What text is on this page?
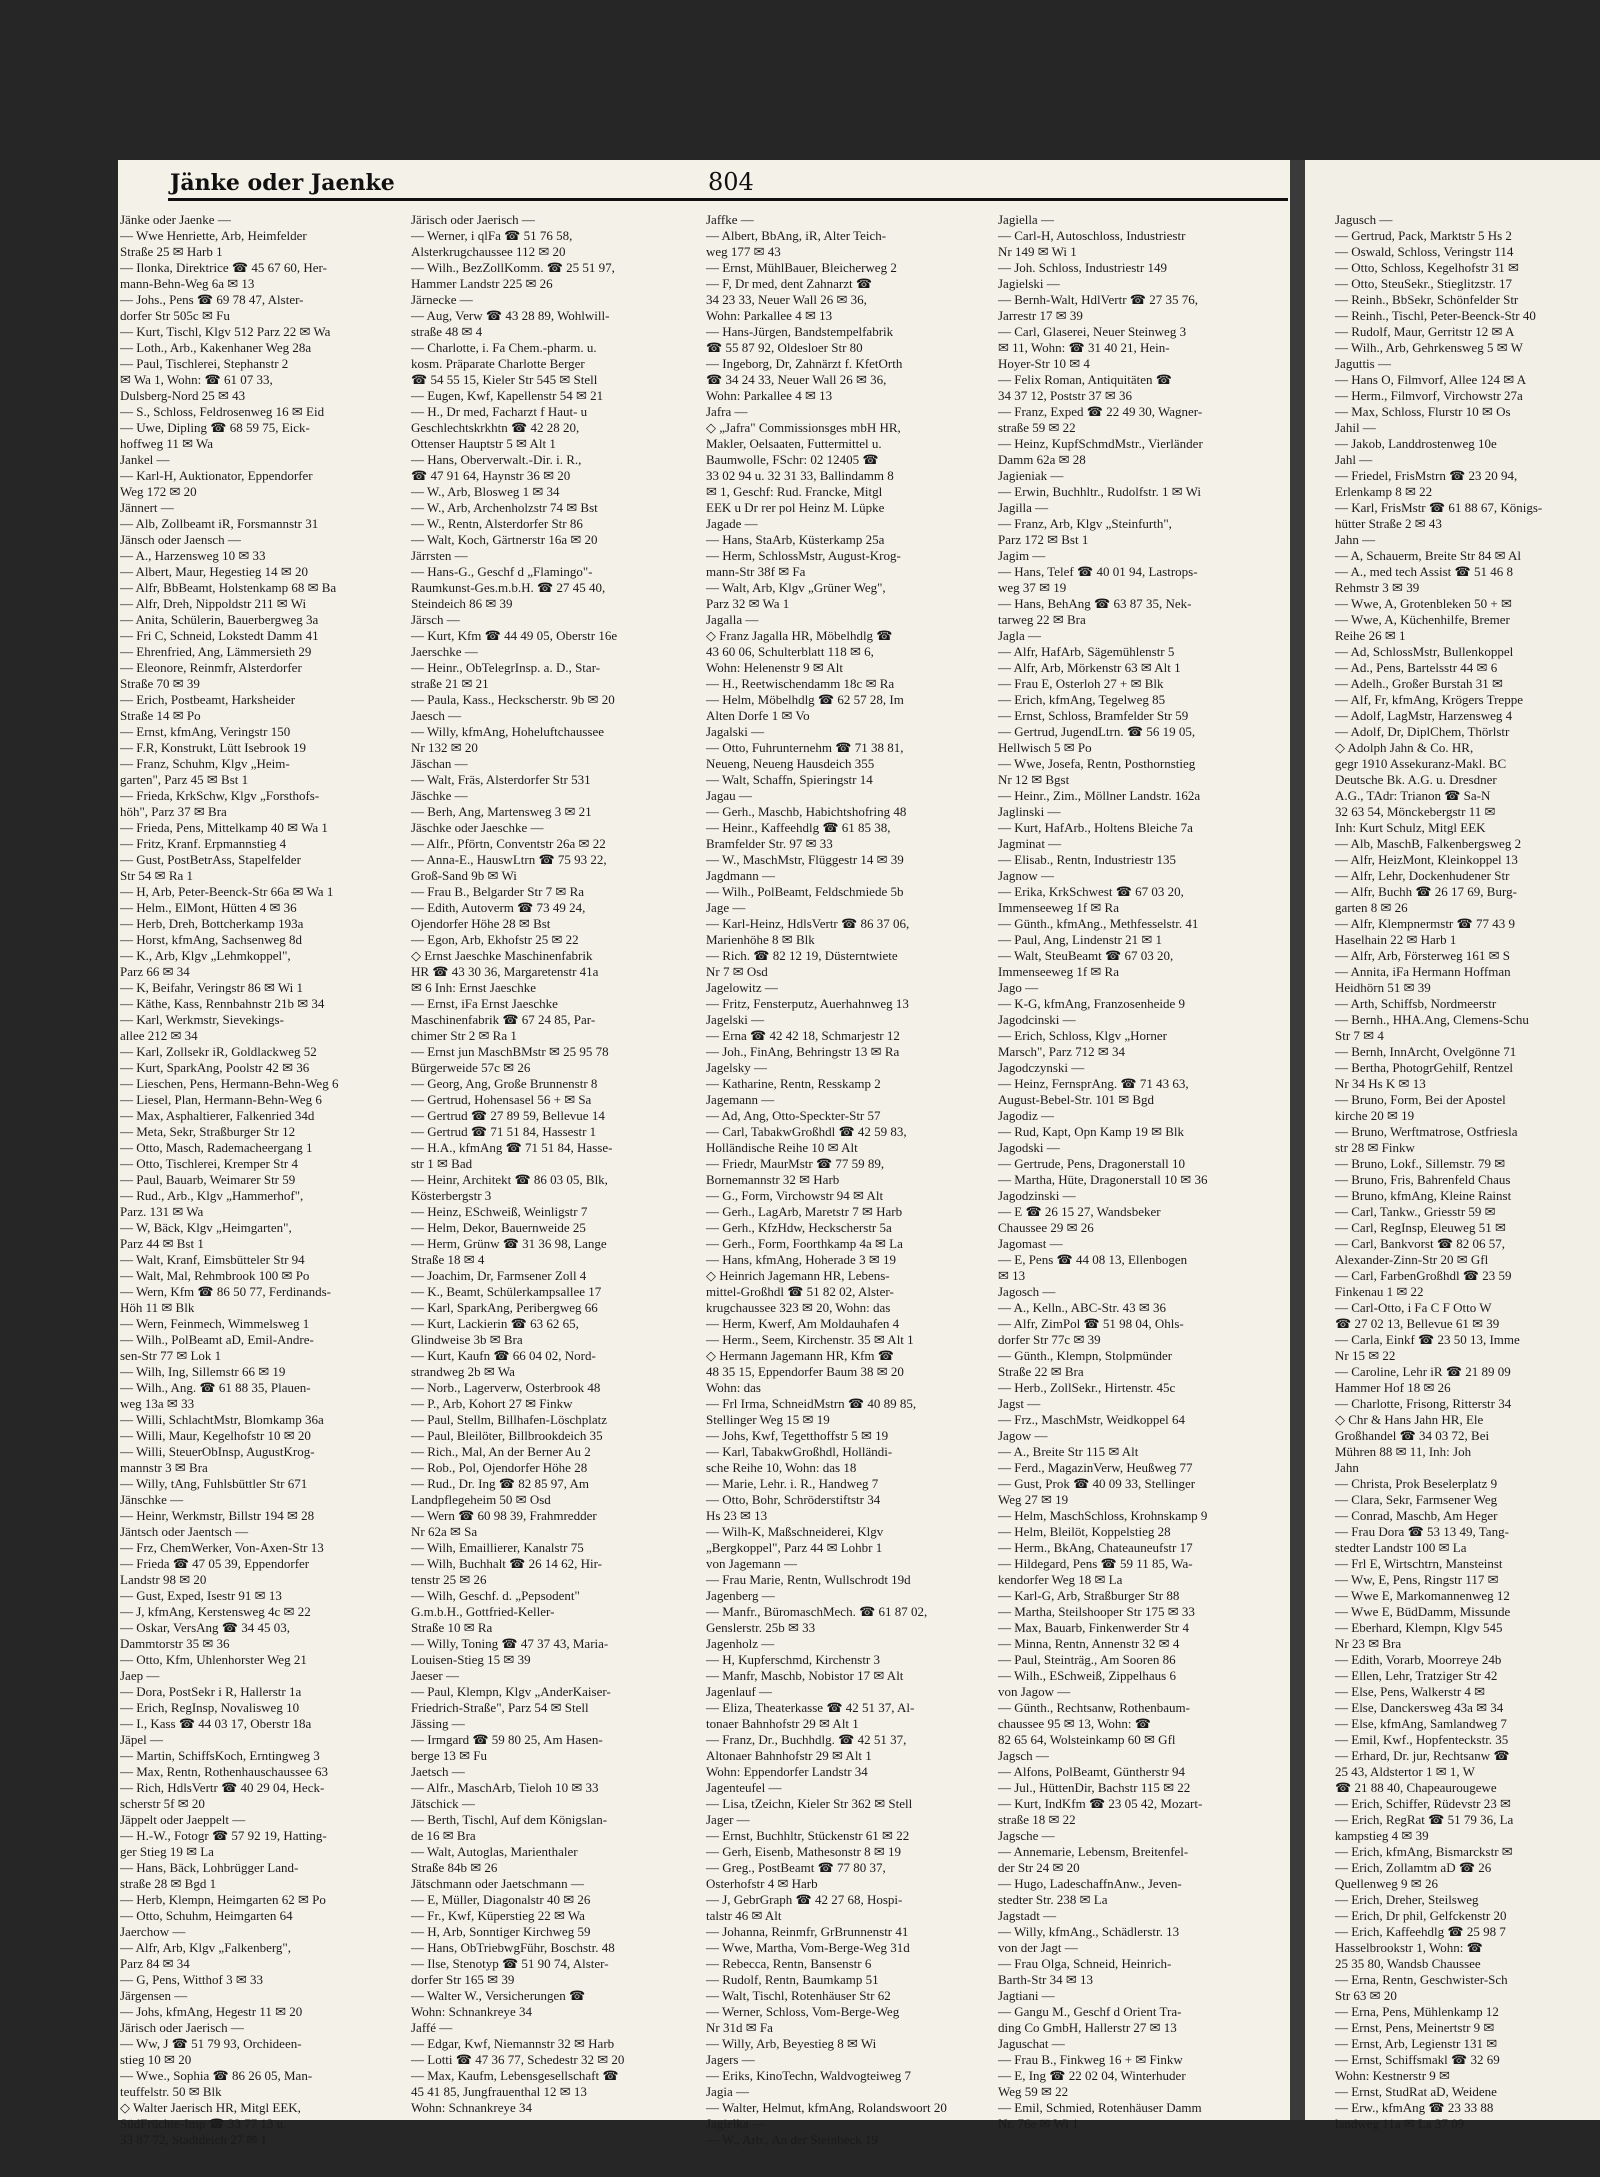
Jänke oder Jaenke	804
Jänke oder Jaenke —
— Wwe Henriette, Arb, Heimfelder
Straße 25 ✉ Harb 1
— Ilonka, Direktrice ☎ 45 67 60, Her-
mann-Behn-Weg 6a ✉ 13
— Johs., Pens ☎ 69 78 47, Alster-
dorfer Str 505c ✉ Fu
— Kurt, Tischl, Klgv 512 Parz 22 ✉ Wa
— Loth., Arb., Kakenhaner Weg 28a
— Paul, Tischlerei, Stephanstr 2
✉ Wa 1, Wohn: ☎ 61 07 33,
Dulsberg-Nord 25 ✉ 43
— S., Schloss, Feldrosenweg 16 ✉ Eid
— Uwe, Dipling ☎ 68 59 75, Eick-
hoffweg 11 ✉ Wa
Jankel —
— Karl-H, Auktionator, Eppendorfer
Weg 172 ✉ 20
Jännert —
— Alb, Zollbeamt iR, Forsmannstr 31
Jänsch oder Jaensch —
— A., Harzensweg 10 ✉ 33
— Albert, Maur, Hegestieg 14 ✉ 20
— Alfr, BbBeamt, Holstenkamp 68 ✉ Ba
— Alfr, Dreh, Nippoldstr 211 ✉ Wi
— Anita, Schülerin, Bauerbergweg 3a
— Fri C, Schneid, Lokstedt Damm 41
— Ehrenfried, Ang, Lämmersieth 29
— Eleonore, Reinmfr, Alsterdorfer
Straße 70 ✉ 39
— Erich, Postbeamt, Harksheider
Straße 14 ✉ Po
— Ernst, kfmAng, Veringstr 150
— F.R, Konstrukt, Lütt Isebrook 19
— Franz, Schuhm, Klgv „Heim-
garten", Parz 45 ✉ Bst 1
— Frieda, KrkSchw, Klgv „Forsthofs-
höh", Parz 37 ✉ Bra
— Frieda, Pens, Mittelkamp 40 ✉ Wa 1
— Fritz, Kranf. Erpmannstieg 4
— Gust, PostBetrAss, Stapelfelder
Str 54 ✉ Ra 1
— H, Arb, Peter-Beenck-Str 66a ✉ Wa 1
— Helm., ElMont, Hütten 4 ✉ 36
— Herb, Dreh, Bottcherkamp 193a
— Horst, kfmAng, Sachsenweg 8d
— K., Arb, Klgv „Lehmkoppel",
Parz 66 ✉ 34
— K, Beifahr, Veringstr 86 ✉ Wi 1
— Käthe, Kass, Rennbahnstr 21b ✉ 34
— Karl, Werkmstr, Sievekings-
allee 212 ✉ 34
— Karl, Zollsekr iR, Goldlackweg 52
— Kurt, SparkAng, Poolstr 42 ✉ 36
— Lieschen, Pens, Hermann-Behn-Weg 6
— Liesel, Plan, Hermann-Behn-Weg 6
— Max, Asphaltierer, Falkenried 34d
— Meta, Sekr, Straßburger Str 12
— Otto, Masch, Rademacheergang 1
— Otto, Tischlerei, Kremper Str 4
— Paul, Bauarb, Weimarer Str 59
— Rud., Arb., Klgv „Hammerhof",
Parz. 131 ✉ Wa
— W, Bäck, Klgv „Heimgarten",
Parz 44 ✉ Bst 1
— Walt, Kranf, Eimsbütteler Str 94
— Walt, Mal, Rehmbrook 100 ✉ Po
— Wern, Kfm ☎ 86 50 77, Ferdinands-
Höh 11 ✉ Blk
— Wern, Feinmech, Wimmelsweg 1
— Wilh., PolBeamt aD, Emil-Andre-
sen-Str 77 ✉ Lok 1
— Wilh, Ing, Sillemstr 66 ✉ 19
— Wilh., Ang. ☎ 61 88 35, Plauen-
weg 13a ✉ 33
— Willi, SchlachtMstr, Blomkamp 36a
— Willi, Maur, Kegelhofstr 10 ✉ 20
— Willi, SteuerObInsp, AugustKrog-
mannstr 3 ✉ Bra
— Willy, tAng, Fuhlsbüttler Str 671
Jänschke —
— Heinr, Werkmstr, Billstr 194 ✉ 28
Jäntsch oder Jaentsch —
— Frz, ChemWerker, Von-Axen-Str 13
— Frieda ☎ 47 05 39, Eppendorfer
Landstr 98 ✉ 20
— Gust, Exped, Isestr 91 ✉ 13
— J, kfmAng, Kerstensweg 4c ✉ 22
— Oskar, VersAng ☎ 34 45 03,
Dammtorstr 35 ✉ 36
— Otto, Kfm, Uhlenhorster Weg 21
Jaep —
— Dora, PostSekr i R, Hallerstr 1a
— Erich, RegInsp, Novalisweg 10
— I., Kass ☎ 44 03 17, Oberstr 18a
Jäpel —
— Martin, SchiffsKoch, Erntingweg 3
— Max, Rentn, Rothenhauschaussee 63
— Rich, HdlsVertr ☎ 40 29 04, Heck-
scherstr 5f ✉ 20
Jäppelt oder Jaeppelt —
— H.-W., Fotogr ☎ 57 92 19, Hatting-
ger Stieg 19 ✉ La
— Hans, Bäck, Lohbrügger Land-
straße 28 ✉ Bgd 1
— Herb, Klempn, Heimgarten 62 ✉ Po
— Otto, Schuhm, Heimgarten 64
Jaerchow —
— Alfr, Arb, Klgv „Falkenberg",
Parz 84 ✉ 34
— G, Pens, Witthof 3 ✉ 33
Järgensen —
— Johs, kfmAng, Hegestr 11 ✉ 20
Järisch oder Jaerisch —
— Ww, J ☎ 51 79 93, Orchideen-
stieg 10 ✉ 20
— Wwe., Sophia ☎ 86 26 05, Man-
teuffelstr. 50 ✉ Blk
◇ Walter Jaerisch HR, Mitgl EEK,
SüdFrüchte-Imp ☎ 33 77 13 u.
33 87 72, Stadtdeich 27 ✉ 1
Järisch oder Jaerisch —
— Werner, i qlFa ☎ 51 76 58,
Alsterkrugchaussee 112 ✉ 20
— Wilh., BezZollKomm. ☎ 25 51 97,
Hammer Landstr 225 ✉ 26
Järnecke —
— Aug, Verw ☎ 43 28 89, Wohlwill-
straße 48 ✉ 4
— Charlotte, i. Fa Chem.-pharm. u.
kosm. Präparate Charlotte Berger
☎ 54 55 15, Kieler Str 545 ✉ Stell
— Eugen, Kwf, Kapellenstr 54 ✉ 21
— H., Dr med, Facharzt f Haut- u
Geschlechtskrkhtn ☎ 42 28 20,
Ottenser Hauptstr 5 ✉ Alt 1
— Hans, Oberverwalt.-Dir. i. R.,
☎ 47 91 64, Haynstr 36 ✉ 20
— W., Arb, Blosweg 1 ✉ 34
— W., Arb, Archenholzstr 74 ✉ Bst
— W., Rentn, Alsterdorfer Str 86
— Walt, Koch, Gärtnerstr 16a ✉ 20
Järrsten —
— Hans-G., Geschf d „Flamingo"-
Raumkunst-Ges.m.b.H. ☎ 27 45 40,
Steindeich 86 ✉ 39
Järsch —
— Kurt, Kfm ☎ 44 49 05, Oberstr 16e
Jaerschke —
— Heinr., ObTelegrInsp. a. D., Star-
straße 21 ✉ 21
— Paula, Kass., Heckscherstr. 9b ✉ 20
Jaesch —
— Willy, kfmAng, Hoheluftchaussee
Nr 132 ✉ 20
Jäschan —
— Walt, Fräs, Alsterdorfer Str 531
Jäschke —
— Berh, Ang, Martensweg 3 ✉ 21
Jäschke oder Jaeschke —
— Alfr., Pförtn, Conventstr 26a ✉ 22
— Anna-E., HauswLtrn ☎ 75 93 22,
Groß-Sand 9b ✉ Wi
— Frau B., Belgarder Str 7 ✉ Ra
— Edith, Autoverm ☎ 73 49 24,
Ojendorfer Höhe 28 ✉ Bst
— Egon, Arb, Ekhofstr 25 ✉ 22
◇ Ernst Jaeschke Maschinenfabrik
HR ☎ 43 30 36, Margaretenstr 41a
✉ 6 Inh: Ernst Jaeschke
— Ernst, iFa Ernst Jaeschke
Maschinenfabrik ☎ 67 24 85, Par-
chimer Str 2 ✉ Ra 1
— Ernst jun MaschBMstr ✉ 25 95 78
Bürgerweide 57c ✉ 26
— Georg, Ang, Große Brunnenstr 8
— Gertrud, Hohensasel 56 + ✉ Sa
— Gertrud ☎ 27 89 59, Bellevue 14
— Gertrud ☎ 71 51 84, Hassestr 1
— H.A., kfmAng ☎ 71 51 84, Hasse-
str 1 ✉ Bad
— Heinr, Architekt ☎ 86 03 05, Blk,
Kösterbergstr 3
— Heinz, ESchweiß, Weinligstr 7
— Helm, Dekor, Bauernweide 25
— Herm, Grünw ☎ 31 36 98, Lange
Straße 18 ✉ 4
— Joachim, Dr, Farmsener Zoll 4
— K., Beamt, Schülerkampsallee 17
— Karl, SparkAng, Peribergweg 66
— Kurt, Lackierin ☎ 63 62 65,
Glindweise 3b ✉ Bra
— Kurt, Kaufn ☎ 66 04 02, Nord-
strandweg 2b ✉ Wa
— Norb., Lagerverw, Osterbrook 48
— P., Arb, Kohort 27 ✉ Finkw
— Paul, Stellm, Billhafen-Löschplatz
— Paul, Bleilöter, Billbrookdeich 35
— Rich., Mal, An der Berner Au 2
— Rob., Pol, Ojendorfer Höhe 28
— Rud., Dr. Ing ☎ 82 85 97, Am
Landpflegeheim 50 ✉ Osd
— Wern ☎ 60 98 39, Frahmredder
Nr 62a ✉ Sa
— Wilh, Emaillierer, Kanalstr 75
— Wilh, Buchhalt ☎ 26 14 62, Hir-
tenstr 25 ✉ 26
— Wilh, Geschf. d. „Pepsodent"
G.m.b.H., Gottfried-Keller-
Straße 10 ✉ Ra
— Willy, Toning ☎ 47 37 43, Maria-
Louisen-Stieg 15 ✉ 39
Jaeser —
— Paul, Klempn, Klgv „AnderKaiser-
Friedrich-Straße", Parz 54 ✉ Stell
Jässing —
— Irmgard ☎ 59 80 25, Am Hasen-
berge 13 ✉ Fu
Jaetsch —
— Alfr., MaschArb, Tieloh 10 ✉ 33
Jätschick —
— Berth, Tischl, Auf dem Königslan-
de 16 ✉ Bra
— Walt, Autoglas, Marienthaler
Straße 84b ✉ 26
Jätschmann oder Jaetschmann —
— E, Müller, Diagonalstr 40 ✉ 26
— Fr., Kwf, Küperstieg 22 ✉ Wa
— H, Arb, Sonntiger Kirchweg 59
— Hans, ObTriebwgFühr, Boschstr. 48
— Ilse, Stenotyp ☎ 51 90 74, Alster-
dorfer Str 165 ✉ 39
— Walter W., Versicherungen ☎
Wohn: Schnankreye 34
Jaffé —
— Edgar, Kwf, Niemannstr 32 ✉ Harb
— Lotti ☎ 47 36 77, Schedestr 32 ✉ 20
— Max, Kaufm, Lebensgesellschaft ☎
45 41 85, Jungfrauenthal 12 ✉ 13
Wohn: Schnankreye 34
Jaffke —
— Albert, BbAng, iR, Alter Teich-
weg 177 ✉ 43
— Ernst, MühlBauer, Bleicherweg 2
— F, Dr med, dent Zahnarzt ☎
34 23 33, Neuer Wall 26 ✉ 36,
Wohn: Parkallee 4 ✉ 13
— Hans-Jürgen, Bandstempelfabrik
☎ 55 87 92, Oldesloer Str 80
— Ingeborg, Dr, Zahnärzt f. KfetOrth
☎ 34 24 33, Neuer Wall 26 ✉ 36,
Wohn: Parkallee 4 ✉ 13
Jafra —
◇ „Jafra" Commissionsges mbH HR,
Makler, Oelsaaten, Futtermittel u.
Baumwolle, FSchr: 02 12405 ☎
33 02 94 u. 32 31 33, Ballindamm 8
✉ 1, Geschf: Rud. Francke, Mitgl
EEK u Dr rer pol Heinz M. Lüpke
Jagade —
— Hans, StaArb, Küsterkamp 25a
— Herm, SchlossMstr, August-Krog-
mann-Str 38f ✉ Fa
— Walt, Arb, Klgv „Grüner Weg",
Parz 32 ✉ Wa 1
Jagalla —
◇ Franz Jagalla HR, Möbelhdlg ☎
43 60 06, Schulterblatt 118 ✉ 6,
Wohn: Helenenstr 9 ✉ Alt
— H., Reetwischendamm 18c ✉ Ra
— Helm, Möbelhdlg ☎ 62 57 28, Im
Alten Dorfe 1 ✉ Vo
Jagalski —
— Otto, Fuhrunternehm ☎ 71 38 81,
Neueng, Neueng Hausdeich 355
— Walt, Schaffn, Spieringstr 14
Jagau —
— Gerh., Maschb, Habichtshofring 48
— Heinr., Kaffeehdlg ☎ 61 85 38,
Bramfelder Str. 97 ✉ 33
— W., MaschMstr, Flüggestr 14 ✉ 39
Jagdmann —
— Wilh., PolBeamt, Feldschmiede 5b
Jage —
— Karl-Heinz, HdlsVertr ☎ 86 37 06,
Marienhöhe 8 ✉ Blk
— Rich. ☎ 82 12 19, Düsterntwiete
Nr 7 ✉ Osd
Jagelowitz —
— Fritz, Fensterputz, Auerhahnweg 13
Jagelski —
— Erna ☎ 42 42 18, Schmarjestr 12
— Joh., FinAng, Behringstr 13 ✉ Ra
Jagelsky —
— Katharine, Rentn, Resskamp 2
Jagemann —
— Ad, Ang, Otto-Speckter-Str 57
— Carl, TabakwGroßhdl ☎ 42 59 83,
Holländische Reihe 10 ✉ Alt
— Friedr, MaurMstr ☎ 77 59 89,
Bornemannstr 32 ✉ Harb
— G., Form, Virchowstr 94 ✉ Alt
— Gerh., LagArb, Maretstr 7 ✉ Harb
— Gerh., KfzHdw, Heckscherstr 5a
— Gerh., Form, Foorthkamp 4a ✉ La
— Hans, kfmAng, Hoherade 3 ✉ 19
◇ Heinrich Jagemann HR, Lebens-
mittel-Großhdl ☎ 51 82 02, Alster-
krugchaussee 323 ✉ 20, Wohn: das
— Herm, Kwerf, Am Moldauhafen 4
— Herm., Seem, Kirchenstr. 35 ✉ Alt 1
◇ Hermann Jagemann HR, Kfm ☎
48 35 15, Eppendorfer Baum 38 ✉ 20
Wohn: das
— Frl Irma, SchneidMstrn ☎ 40 89 85,
Stellinger Weg 15 ✉ 19
— Johs, Kwf, Tegetthoffstr 5 ✉ 19
— Karl, TabakwGroßhdl, Holländi-
sche Reihe 10, Wohn: das 18
— Marie, Lehr. i. R., Handweg 7
— Otto, Bohr, Schröderstiftstr 34
Hs 23 ✉ 13
— Wilh-K, Maßschneiderei, Klgv
„Bergkoppel", Parz 44 ✉ Lohbr 1
von Jagemann —
— Frau Marie, Rentn, Wullschrodt 19d
Jagenberg —
— Manfr., BüromaschMech. ☎ 61 87 02,
Genslerstr. 25b ✉ 33
Jagenholz —
— H, Kupferschmd, Kirchenstr 3
— Manfr, Maschb, Nobistor 17 ✉ Alt
Jagenlauf —
— Eliza, Theaterkasse ☎ 42 51 37, Al-
tonaer Bahnhofstr 29 ✉ Alt 1
— Franz, Dr., Buchhdlg. ☎ 42 51 37,
Altonaer Bahnhofstr 29 ✉ Alt 1
Wohn: Eppendorfer Landstr 34
Jagenteufel —
— Lisa, tZeichn, Kieler Str 362 ✉ Stell
Jager —
— Ernst, Buchhltr, Stückenstr 61 ✉ 22
— Gerh, Eisenb, Mathesonstr 8 ✉ 19
— Greg., PostBeamt ☎ 77 80 37,
Osterhofstr 4 ✉ Harb
— J, GebrGraph ☎ 42 27 68, Hospi-
talstr 46 ✉ Alt
— Johanna, Reinmfr, GrBrunnenstr 41
— Wwe, Martha, Vom-Berge-Weg 31d
— Rebecca, Rentn, Bansenstr 6
— Rudolf, Rentn, Baumkamp 51
— Walt, Tischl, Rotenhäuser Str 62
— Werner, Schloss, Vom-Berge-Weg
Nr 31d ✉ Fa
— Willy, Arb, Beyestieg 8 ✉ Wi
Jagers —
— Eriks, KinoTechn, Waldvogteiweg 7
Jagia —
— Walter, Helmut, kfmAng, Rolandswoort 20
Jagielka —
— W., Arb., An der Steinbeck 19
Jagiella —
— Carl-H, Autoschloss, Industriestr
Nr 149 ✉ Wi 1
— Joh. Schloss, Industriestr 149
Jagielski —
— Bernh-Walt, HdlVertr ☎ 27 35 76,
Jarrestr 17 ✉ 39
— Carl, Glaserei, Neuer Steinweg 3
✉ 11, Wohn: ☎ 31 40 21, Hein-
Hoyer-Str 10 ✉ 4
— Felix Roman, Antiquitäten ☎
34 37 12, Poststr 37 ✉ 36
— Franz, Exped ☎ 22 49 30, Wagner-
straße 59 ✉ 22
— Heinz, KupfSchmdMstr., Vierländer
Damm 62a ✉ 28
Jagieniak —
— Erwin, Buchhltr., Rudolfstr. 1 ✉ Wi
Jagilla —
— Franz, Arb, Klgv „Steinfurth",
Parz 172 ✉ Bst 1
Jagim —
— Hans, Telef ☎ 40 01 94, Lastrops-
weg 37 ✉ 19
— Hans, BehAng ☎ 63 87 35, Nek-
tarweg 22 ✉ Bra
Jagla —
— Alfr, HafArb, Sägemühlenstr 5
— Alfr, Arb, Mörkenstr 63 ✉ Alt 1
— Frau E, Osterloh 27 + ✉ Blk
— Erich, kfmAng, Tegelweg 85
— Ernst, Schloss, Bramfelder Str 59
— Gertrud, JugendLtrn. ☎ 56 19 05,
Hellwisch 5 ✉ Po
— Wwe, Josefa, Rentn, Posthornstieg
Nr 12 ✉ Bgst
— Heinr., Zim., Möllner Landstr. 162a
Jaglinski —
— Kurt, HafArb., Holtens Bleiche 7a
Jagminat —
— Elisab., Rentn, Industriestr 135
Jagnow —
— Erika, KrkSchwest ☎ 67 03 20,
Immenseeweg 1f ✉ Ra
— Günth., kfmAng., Methfesselstr. 41
— Paul, Ang, Lindenstr 21 ✉ 1
— Walt, SteuBeamt ☎ 67 03 20,
Immenseeweg 1f ✉ Ra
Jago —
— K-G, kfmAng, Franzosenheide 9
Jagodcinski —
— Erich, Schloss, Klgv „Horner
Marsch", Parz 712 ✉ 34
Jagodczynski —
— Heinz, FernsprAng. ☎ 71 43 63,
August-Bebel-Str. 101 ✉ Bgd
Jagodiz —
— Rud, Kapt, Opn Kamp 19 ✉ Blk
Jagodski —
— Gertrude, Pens, Dragonerstall 10
— Martha, Hüte, Dragonerstall 10 ✉ 36
Jagodzinski —
— E ☎ 26 15 27, Wandsbeker
Chaussee 29 ✉ 26
Jagomast —
— E, Pens ☎ 44 08 13, Ellenbogen
✉ 13
Jagosch —
— A., Kelln., ABC-Str. 43 ✉ 36
— Alfr, ZimPol ☎ 51 98 04, Ohls-
dorfer Str 77c ✉ 39
— Günth., Klempn, Stolpmünder
Straße 22 ✉ Bra
— Herb., ZollSekr., Hirtenstr. 45c
Jagst —
— Frz., MaschMstr, Weidkoppel 64
Jagow —
— A., Breite Str 115 ✉ Alt
— Ferd., MagazinVerw, Heußweg 77
— Gust, Prok ☎ 40 09 33, Stellinger
Weg 27 ✉ 19
— Helm, MaschSchloss, Krohnskamp 9
— Helm, Bleilöt, Koppelstieg 28
— Herm., BkAng, Chateauneufstr 17
— Hildegard, Pens ☎ 59 11 85, Wa-
kendorfer Weg 18 ✉ La
— Karl-G, Arb, Straßburger Str 88
— Martha, Steilshooper Str 175 ✉ 33
— Max, Bauarb, Finkenwerder Str 4
— Minna, Rentn, Annenstr 32 ✉ 4
— Paul, Steinträg., Am Sooren 86
— Wilh., ESchweiß, Zippelhaus 6
von Jagow —
— Günth., Rechtsanw, Rothenbaum-
chaussee 95 ✉ 13, Wohn: ☎
82 65 64, Wolsteinkamp 60 ✉ Gfl
Jagsch —
— Alfons, PolBeamt, Güntherstr 94
— Jul., HüttenDir, Bachstr 115 ✉ 22
— Kurt, IndKfm ☎ 23 05 42, Mozart-
straße 18 ✉ 22
Jagsche —
— Annemarie, Lebensm, Breitenfel-
der Str 24 ✉ 20
— Hugo, LadeschaffnAnw., Jeven-
stedter Str. 238 ✉ La
Jagstadt —
— Willy, kfmAng., Schädlerstr. 13
von der Jagt —
— Frau Olga, Schneid, Heinrich-
Barth-Str 34 ✉ 13
Jagtiani —
— Gangu M., Geschf d Orient Tra-
ding Co GmbH, Hallerstr 27 ✉ 13
Jaguschat —
— Frau B., Finkweg 16 + ✉ Finkw
— E, Ing ☎ 22 02 04, Winterhuder
Weg 59 ✉ 22
— Emil, Schmied, Rotenhäuser Damm
Nr. 76e ✉ Wi 1
Jagusch —
— Gertrud, Pack, Marktstr 5 Hs 2
— Oswald, Schloss, Veringstr 114
— Otto, Schloss, Kegelhofstr 31 ✉
— Otto, SteuSekr., Stieglitzstr. 17
— Reinh., BbSekr, Schönfelder Str
— Reinh., Tischl, Peter-Beenck-Str 40
— Rudolf, Maur, Gerritstr 12 ✉ A
— Wilh., Arb, Gehrkensweg 5 ✉ W
Jaguttis —
— Hans O, Filmvorf, Allee 124 ✉ A
— Herm., Filmvorf, Virchowstr 27a
— Max, Schloss, Flurstr 10 ✉ Os
Jahil —
— Jakob, Landdrostenweg 10e
Jahl —
— Friedel, FrisMstrn ☎ 23 20 94,
Erlenkamp 8 ✉ 22
— Karl, FrisMstr ☎ 61 88 67, Königs-
hütter Straße 2 ✉ 43
Jahn —
— A, Schauerm, Breite Str 84 ✉ Al
— A., med tech Assist ☎ 51 46 8
Rehmstr 3 ✉ 39
— Wwe, A, Grotenbleken 50 + ✉
— Wwe, A, Küchenhilfe, Bremer
Reihe 26 ✉ 1
— Ad, SchlossMstr, Bullenkoppel
— Ad., Pens, Bartelsstr 44 ✉ 6
— Adelh., Großer Burstah 31 ✉
— Alf, Fr, kfmAng, Krögers Treppe
— Adolf, LagMstr, Harzensweg 4
— Adolf, Dr, DiplChem, Thörlstr
◇ Adolph Jahn & Co. HR,
gegr 1910 Assekuranz-Makl. BC
Deutsche Bk. A.G. u. Dresdner
A.G., TAdr: Trianon ☎ Sa-N
32 63 54, Mönckebergstr 11 ✉
Inh: Kurt Schulz, Mitgl EEK
— Alb, MaschB, Falkenbergsweg 2
— Alfr, HeizMont, Kleinkoppel 13
— Alfr, Lehr, Dockenhudener Str
— Alfr, Buchh ☎ 26 17 69, Burg-
garten 8 ✉ 26
— Alfr, Klempnermstr ☎ 77 43 9
Haselhain 22 ✉ Harb 1
— Alfr, Arb, Försterweg 161 ✉ S
— Annita, iFa Hermann Hoffman
Heidhörn 51 ✉ 39
— Arth, Schiffsb, Nordmeerstr
— Bernh., HHA.Ang, Clemens-Schu
Str 7 ✉ 4
— Bernh, InnArcht, Ovelgönne 71
— Bertha, PhotogrGehilf, Rentzel
Nr 34 Hs K ✉ 13
— Bruno, Form, Bei der Apostel
kirche 20 ✉ 19
— Bruno, Werftmatrose, Ostfriesla
str 28 ✉ Finkw
— Bruno, Lokf., Sillemstr. 79 ✉
— Bruno, Fris, Bahrenfeld Chaus
— Bruno, kfmAng, Kleine Rainst
— Carl, Tankw., Griesstr 59 ✉
— Carl, RegInsp, Eleuweg 51 ✉
— Carl, Bankvorst ☎ 82 06 57,
Alexander-Zinn-Str 20 ✉ Gfl
— Carl, FarbenGroßhdl ☎ 23 59
Finkenau 1 ✉ 22
— Carl-Otto, i Fa C F Otto W
☎ 27 02 13, Bellevue 61 ✉ 39
— Carla, Einkf ☎ 23 50 13, Imme
Nr 15 ✉ 22
— Caroline, Lehr iR ☎ 21 89 09
Hammer Hof 18 ✉ 26
— Charlotte, Frisong, Ritterstr 34
◇ Chr & Hans Jahn HR, Ele
Großhandel ☎ 34 03 72, Bei
Mühren 88 ✉ 11, Inh: Joh
Jahn
— Christa, Prok Beselerplatz 9
— Clara, Sekr, Farmsener Weg
— Conrad, Maschb, Am Heger
— Frau Dora ☎ 53 13 49, Tang-
stedter Landstr 100 ✉ La
— Frl E, Wirtschtrn, Mansteinst
— Ww, E, Pens, Ringstr 117 ✉
— Wwe E, Markomannenweg 12
— Wwe E, BüdDamm, Missunde
— Eberhard, Klempn, Klgv 545
Nr 23 ✉ Bra
— Edith, Vorarb, Moorreye 24b
— Ellen, Lehr, Tratziger Str 42
— Else, Pens, Walkerstr 4 ✉
— Else, Danckersweg 43a ✉ 34
— Else, kfmAng, Samlandweg 7
— Emil, Kwf., Hopfenteckstr. 35
— Erhard, Dr. jur, Rechtsanw ☎
25 43, Aldstertor 1 ✉ 1, W
☎ 21 88 40, Chapeaurougewe
— Erich, Schiffer, Rüdevstr 23 ✉
— Erich, RegRat ☎ 51 79 36, La
kampstieg 4 ✉ 39
— Erich, kfmAng, Bismarckstr ✉
— Erich, Zollamtm aD ☎ 26
Quellenweg 9 ✉ 26
— Erich, Dreher, Steilsweg
— Erich, Dr phil, Gelfckenstr 20
— Erich, Kaffeehdlg ☎ 25 98 7
Hasselbrookstr 1, Wohn: ☎
25 35 80, Wandsb Chaussee
— Erna, Rentn, Geschwister-Sch
Str 63 ✉ 20
— Erna, Pens, Mühlenkamp 12
— Ernst, Pens, Meinertstr 9 ✉
— Ernst, Arb, Legienstr 131 ✉
— Ernst, Schiffsmakl ☎ 32 69
Wohn: Kestnerstr 9 ✉
— Ernst, StudRat aD, Weidene
— Erw., kfmAng ☎ 23 33 88
landweg 11a ✉ La 37 09
